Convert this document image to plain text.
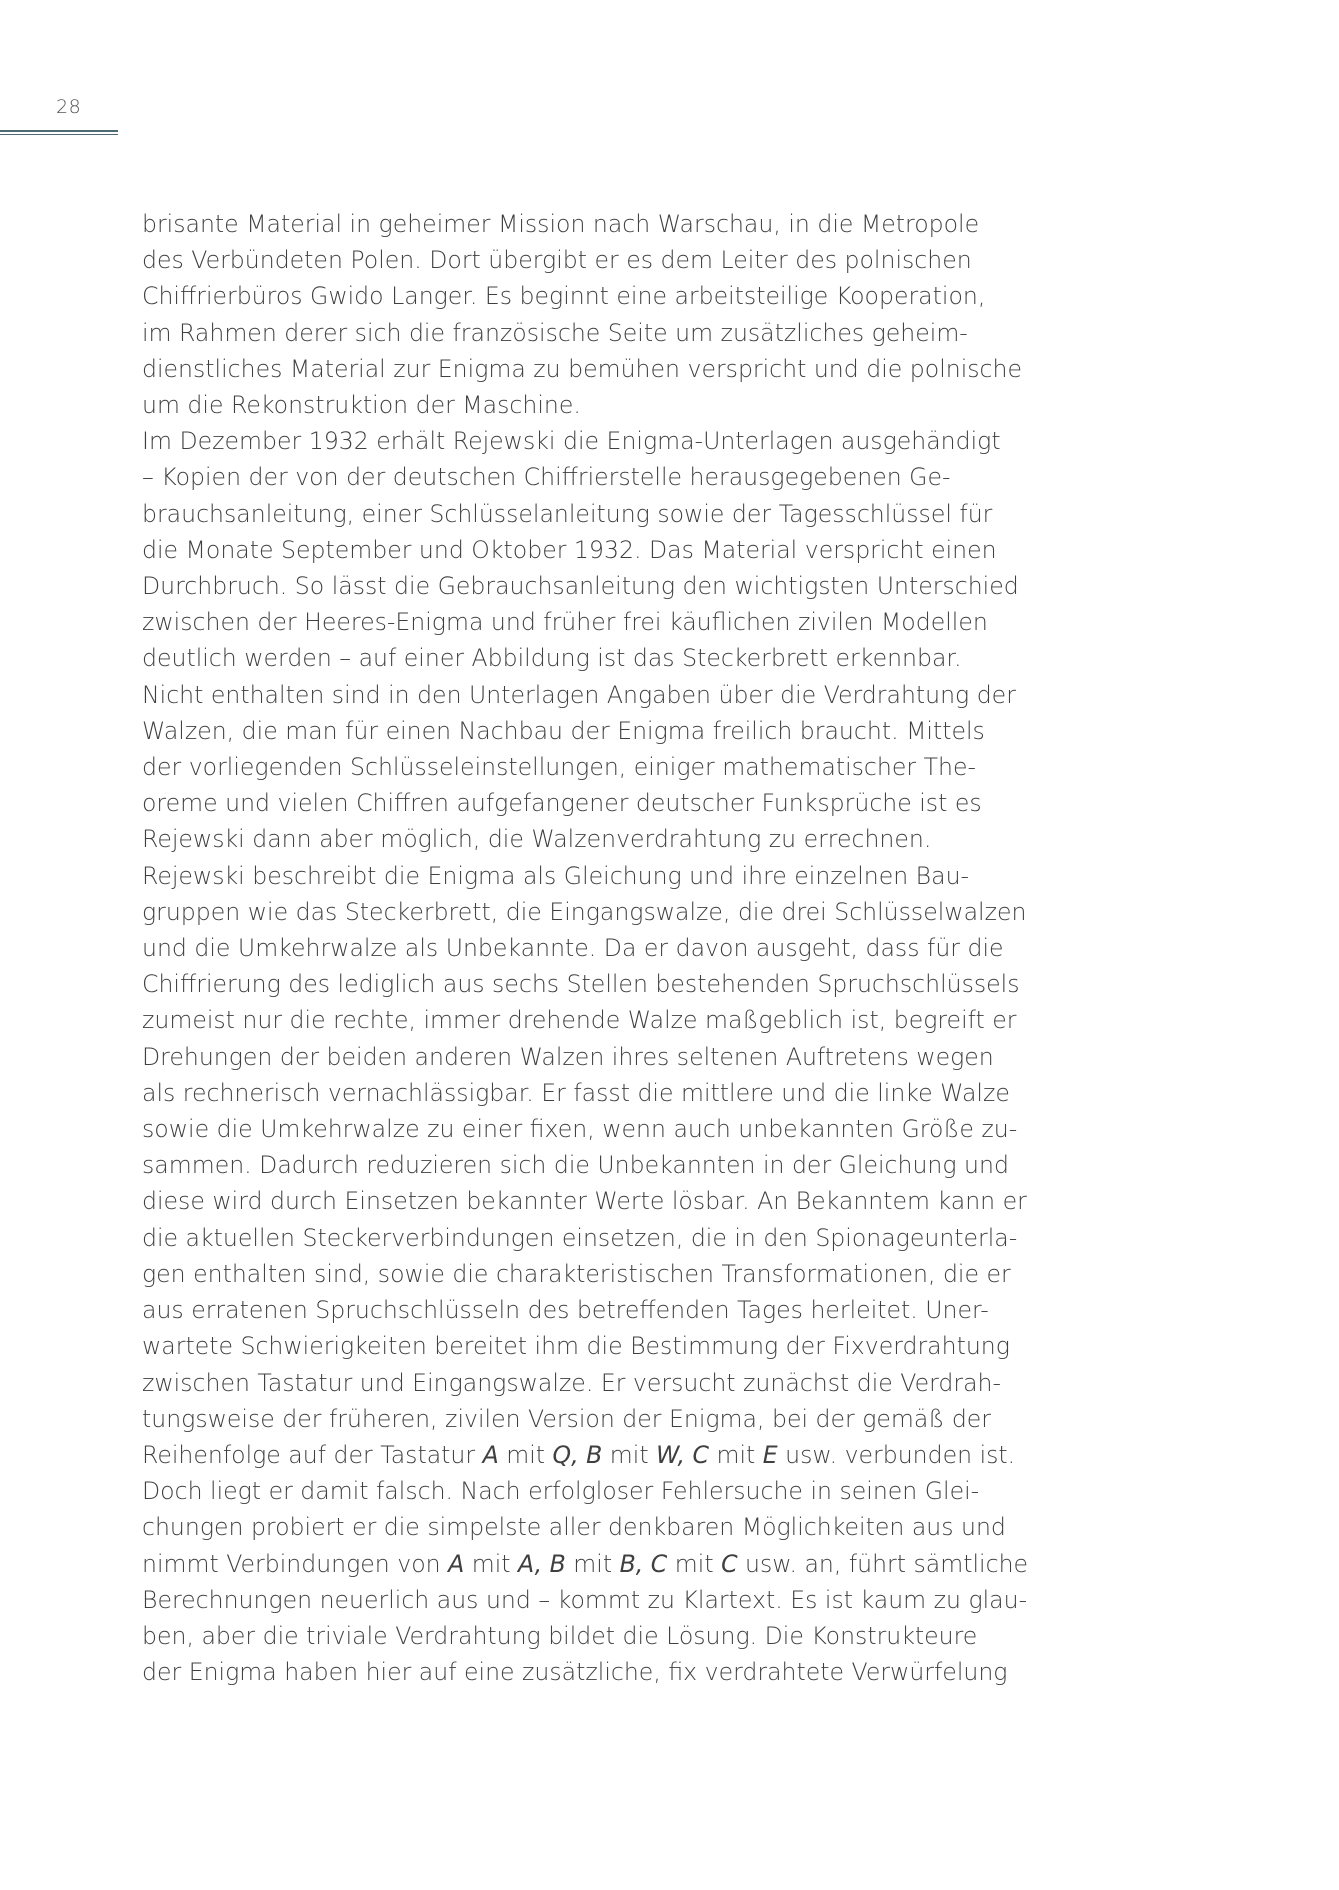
28
brisante Material in geheimer Mission nach Warschau, in die Metropole
des Verbündeten Polen. Dort übergibt er es dem Leiter des polnischen
Chiffrierbüros Gwido Langer. Es beginnt eine arbeitsteilige Kooperation,
im Rahmen derer sich die französische Seite um zusätzliches geheim-
dienstliches Material zur Enigma zu bemühen verspricht und die polnische
um die Rekonstruktion der Maschine.
Im Dezember 1932 erhält Rejewski die Enigma-Unterlagen ausgehändigt
– Kopien der von der deutschen Chiffrierstelle herausgegebenen Ge-
brauchsanleitung, einer Schlüsselanleitung sowie der Tagesschlüssel für
die Monate September und Oktober 1932. Das Material verspricht einen
Durchbruch. So lässt die Gebrauchsanleitung den wichtigsten Unterschied
zwischen der Heeres-Enigma und früher frei käuflichen zivilen Modellen
deutlich werden – auf einer Abbildung ist das Steckerbrett erkennbar.
Nicht enthalten sind in den Unterlagen Angaben über die Verdrahtung der
Walzen, die man für einen Nachbau der Enigma freilich braucht. Mittels
der vorliegenden Schlüsseleinstellungen, einiger mathematischer The-
oreme und vielen Chiffren aufgefangener deutscher Funksprüche ist es
Rejewski dann aber möglich, die Walzenverdrahtung zu errechnen.
Rejewski beschreibt die Enigma als Gleichung und ihre einzelnen Bau-
gruppen wie das Steckerbrett, die Eingangswalze, die drei Schlüsselwalzen
und die Umkehrwalze als Unbekannte. Da er davon ausgeht, dass für die
Chiffrierung des lediglich aus sechs Stellen bestehenden Spruchschlüssels
zumeist nur die rechte, immer drehende Walze maßgeblich ist, begreift er
Drehungen der beiden anderen Walzen ihres seltenen Auftretens wegen
als rechnerisch vernachlässigbar. Er fasst die mittlere und die linke Walze
sowie die Umkehrwalze zu einer fixen, wenn auch unbekannten Größe zu-
sammen. Dadurch reduzieren sich die Unbekannten in der Gleichung und
diese wird durch Einsetzen bekannter Werte lösbar. An Bekanntem kann er
die aktuellen Steckerverbindungen einsetzen, die in den Spionageunterla-
gen enthalten sind, sowie die charakteristischen Transformationen, die er
aus erratenen Spruchschlüsseln des betreffenden Tages herleitet. Uner-
wartete Schwierigkeiten bereitet ihm die Bestimmung der Fixverdrahtung
zwischen Tastatur und Eingangswalze. Er versucht zunächst die Verdrah-
tungsweise der früheren, zivilen Version der Enigma, bei der gemäß der
Reihenfolge auf der Tastatur A mit Q, B mit W, C mit E usw. verbunden ist.
Doch liegt er damit falsch. Nach erfolgloser Fehlersuche in seinen Glei-
chungen probiert er die simpelste aller denkbaren Möglichkeiten aus und
nimmt Verbindungen von A mit A, B mit B, C mit C usw. an, führt sämtliche
Berechnungen neuerlich aus und – kommt zu Klartext. Es ist kaum zu glau-
ben, aber die triviale Verdrahtung bildet die Lösung. Die Konstrukteure
der Enigma haben hier auf eine zusätzliche, fix verdrahtete Verwürfelung
